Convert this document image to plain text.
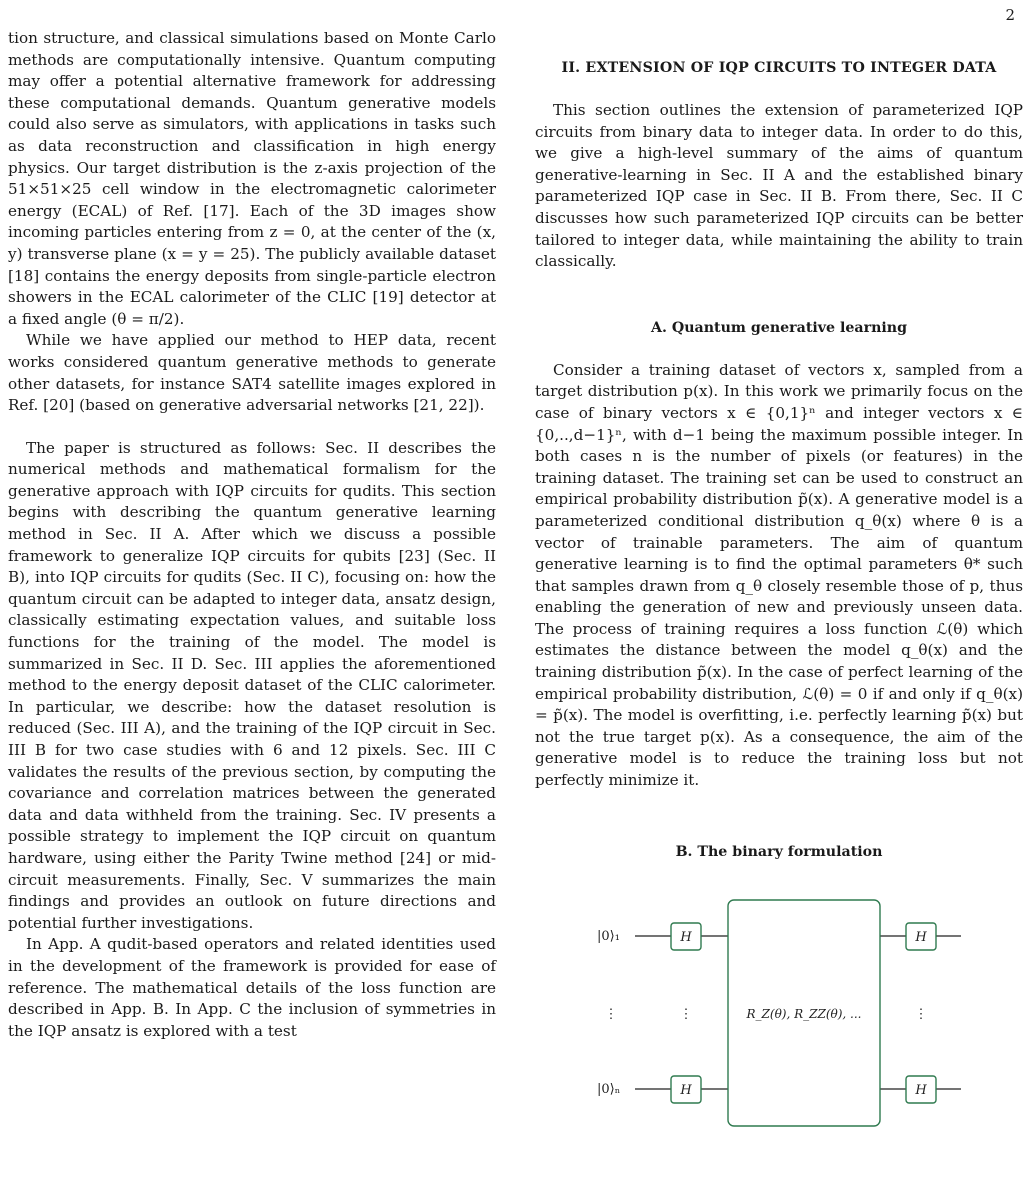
2

tion structure, and classical simulations based on Monte Carlo methods are computationally intensive. Quantum computing may offer a potential alternative framework for addressing these computational demands. Quantum generative models could also serve as simulators, with applications in tasks such as data reconstruction and classification in high energy physics. Our target distribution is the z-axis projection of the 51×51×25 cell window in the electromagnetic calorimeter energy (ECAL) of Ref. [17]. Each of the 3D images show incoming particles entering from z = 0, at the center of the (x, y) transverse plane (x = y = 25). The publicly available dataset [18] contains the energy deposits from single-particle electron showers in the ECAL calorimeter of the CLIC [19] detector at a fixed angle (θ = π/2).

While we have applied our method to HEP data, recent works considered quantum generative methods to generate other datasets, for instance SAT4 satellite images explored in Ref. [20] (based on generative adversarial networks [21, 22]).

The paper is structured as follows: Sec. II describes the numerical methods and mathematical formalism for the generative approach with IQP circuits for qudits. This section begins with describing the quantum generative learning method in Sec. II A. After which we discuss a possible framework to generalize IQP circuits for qubits [23] (Sec. II B), into IQP circuits for qudits (Sec. II C), focusing on: how the quantum circuit can be adapted to integer data, ansatz design, classically estimating expectation values, and suitable loss functions for the training of the model. The model is summarized in Sec. II D. Sec. III applies the aforementioned method to the energy deposit dataset of the CLIC calorimeter. In particular, we describe: how the dataset resolution is reduced (Sec. III A), and the training of the IQP circuit in Sec. III B for two case studies with 6 and 12 pixels. Sec. III C validates the results of the previous section, by computing the covariance and correlation matrices between the generated data and data withheld from the training. Sec. IV presents a possible strategy to implement the IQP circuit on quantum hardware, using either the Parity Twine method [24] or mid-circuit measurements. Finally, Sec. V summarizes the main findings and provides an outlook on future directions and potential further investigations.

In App. A qudit-based operators and related identities used in the development of the framework is provided for ease of reference. The mathematical details of the loss function are described in App. B. In App. C the inclusion of symmetries in the IQP ansatz is explored with a test

II. EXTENSION OF IQP CIRCUITS TO INTEGER DATA

This section outlines the extension of parameterized IQP circuits from binary data to integer data. In order to do this, we give a high-level summary of the aims of quantum generative-learning in Sec. II A and the established binary parameterized IQP case in Sec. II B. From there, Sec. II C discusses how such parameterized IQP circuits can be better tailored to integer data, while maintaining the ability to train classically.

A. Quantum generative learning

Consider a training dataset of vectors x, sampled from a target distribution p(x). In this work we primarily focus on the case of binary vectors x ∈ {0,1}ⁿ and integer vectors x ∈ {0,..,d−1}ⁿ, with d−1 being the maximum possible integer. In both cases n is the number of pixels (or features) in the training dataset. The training set can be used to construct an empirical probability distribution p̃(x). A generative model is a parameterized conditional distribution q_θ(x) where θ is a vector of trainable parameters. The aim of quantum generative learning is to find the optimal parameters θ* such that samples drawn from q_θ closely resemble those of p, thus enabling the generation of new and previously unseen data. The process of training requires a loss function ℒ(θ) which estimates the distance between the model q_θ(x) and the training distribution p̃(x). In the case of perfect learning of the empirical probability distribution, ℒ(θ) = 0 if and only if q_θ(x) = p̃(x). The model is overfitting, i.e. perfectly learning p̃(x) but not the true target p(x). As a consequence, the aim of the generative model is to reduce the training loss but not perfectly minimize it.

B. The binary formulation
|0⟩₁
|0⟩ₙ
H
H
H
H
⋮	⋮	⋮
R_Z(θ), R_ZZ(θ), ...
